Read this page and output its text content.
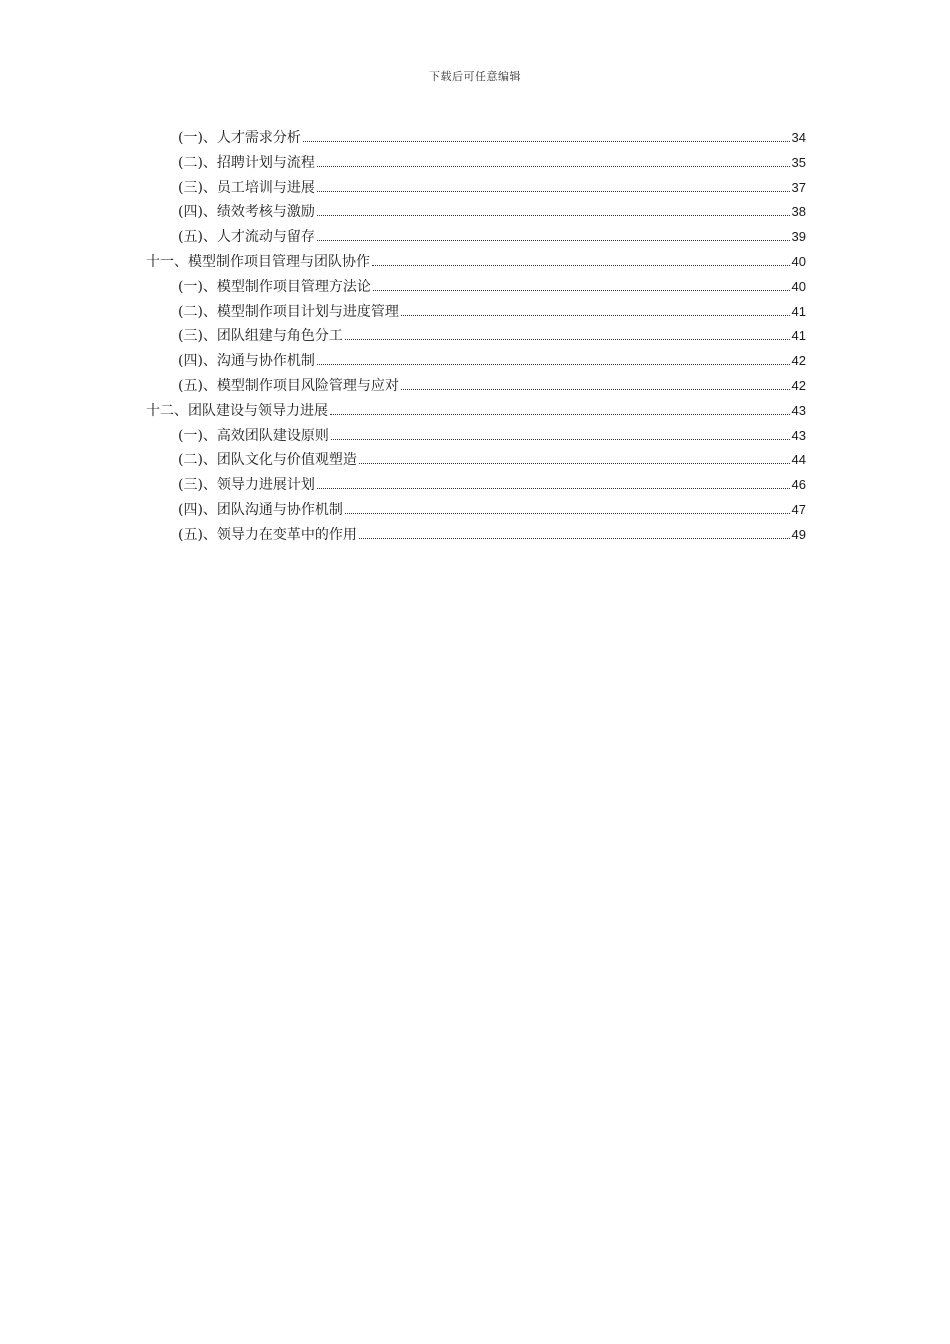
下载后可任意编辑
(一)、人才需求分析	34
(二)、招聘计划与流程	35
(三)、员工培训与进展	37
(四)、绩效考核与激励	38
(五)、人才流动与留存	39
十一、模型制作项目管理与团队协作	40
(一)、模型制作项目管理方法论	40
(二)、模型制作项目计划与进度管理	41
(三)、团队组建与角色分工	41
(四)、沟通与协作机制	42
(五)、模型制作项目风险管理与应对	42
十二、团队建设与领导力进展	43
(一)、高效团队建设原则	43
(二)、团队文化与价值观塑造	44
(三)、领导力进展计划	46
(四)、团队沟通与协作机制	47
(五)、领导力在变革中的作用	49
